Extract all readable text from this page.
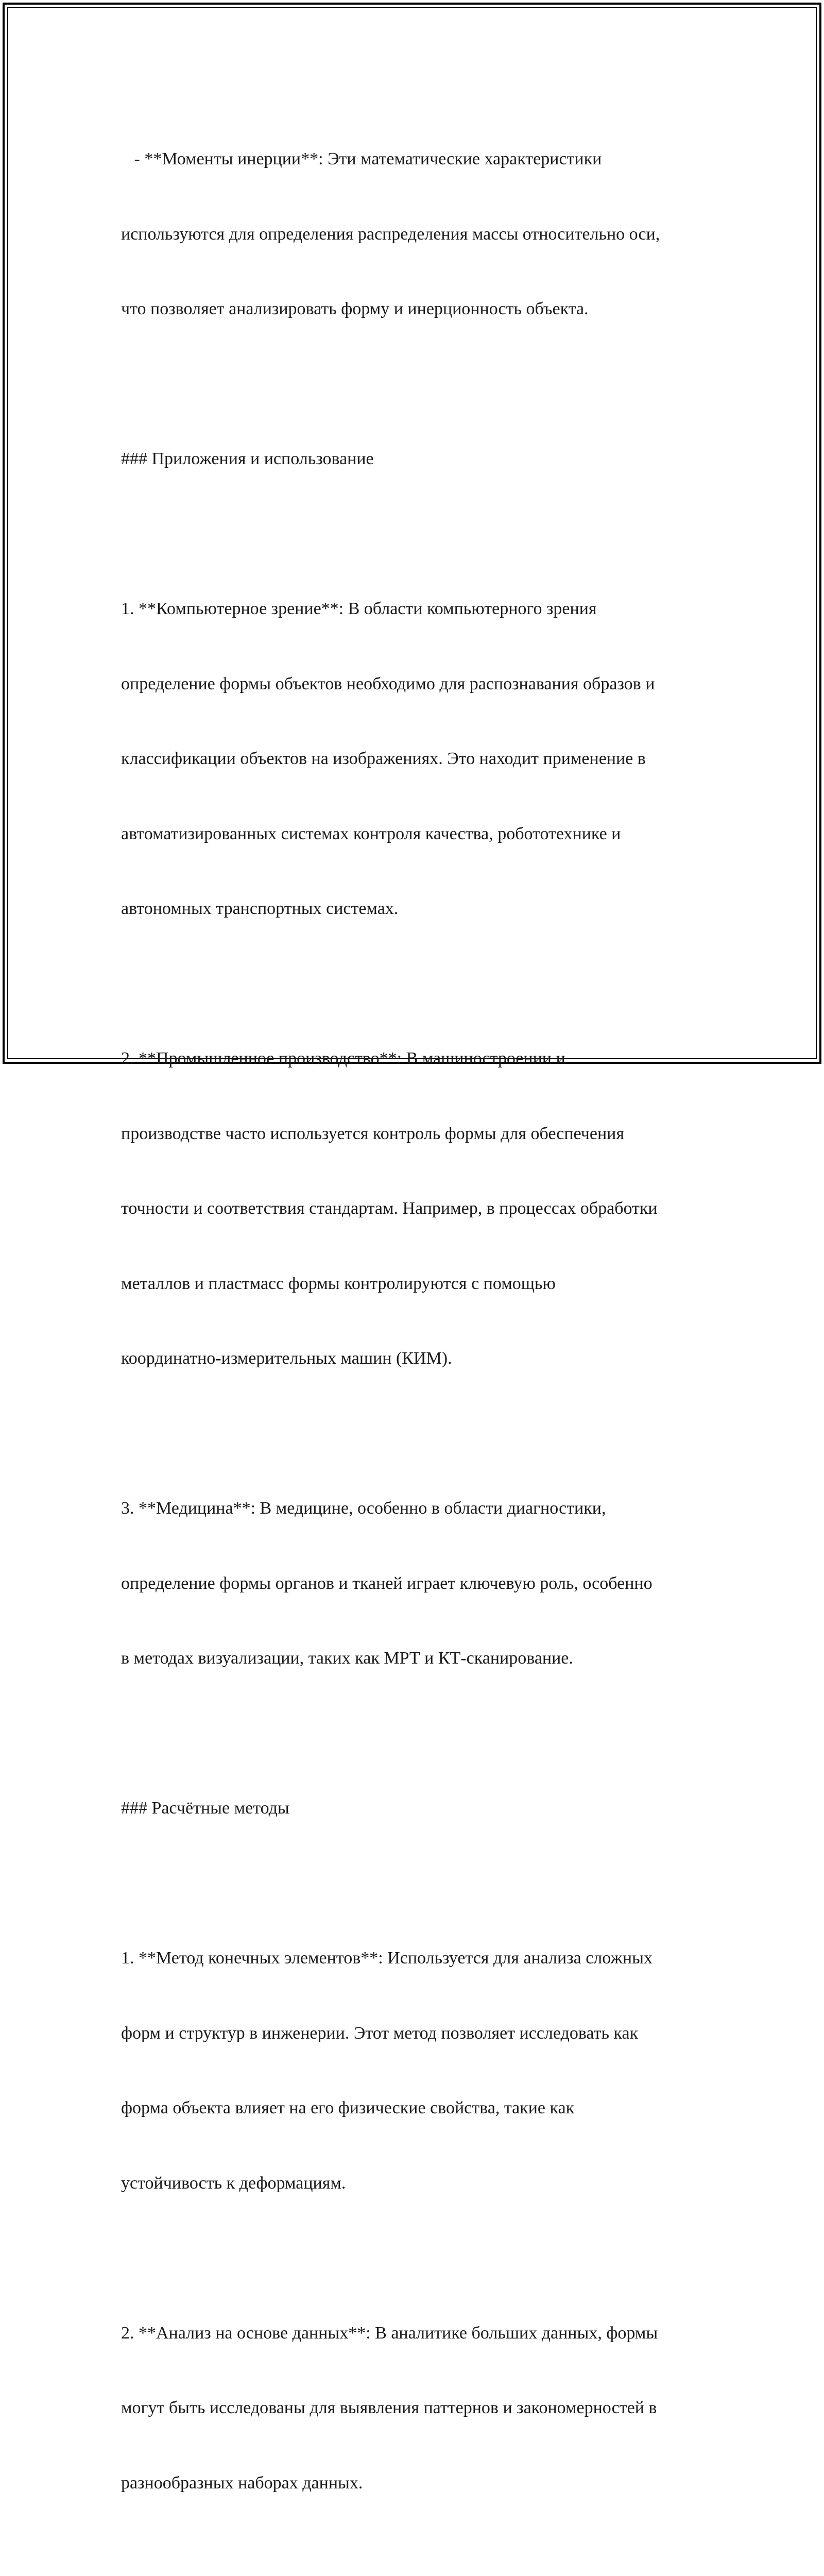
- **Моменты инерции**: Эти математические характеристики

используются для определения распределения массы относительно оси,

что позволяет анализировать форму и инерционность объекта.

### Приложения и использование

1. **Компьютерное зрение**: В области компьютерного зрения

определение формы объектов необходимо для распознавания образов и

классификации объектов на изображениях. Это находит применение в

автоматизированных системах контроля качества, робототехнике и

автономных транспортных системах.

2. **Промышленное производство**: В машиностроении и

производстве часто используется контроль формы для обеспечения

точности и соответствия стандартам. Например, в процессах обработки

металлов и пластмасс формы контролируются с помощью

координатно-измерительных машин (КИМ).

3. **Медицина**: В медицине, особенно в области диагностики,

определение формы органов и тканей играет ключевую роль, особенно

в методах визуализации, таких как МРТ и КТ-сканирование.

### Расчётные методы

1. **Метод конечных элементов**: Используется для анализа сложных

форм и структур в инженерии. Этот метод позволяет исследовать как

форма объекта влияет на его физические свойства, такие как

устойчивость к деформациям.

2. **Анализ на основе данных**: В аналитике больших данных, формы

могут быть исследованы для выявления паттернов и закономерностей в

разнообразных наборах данных.
